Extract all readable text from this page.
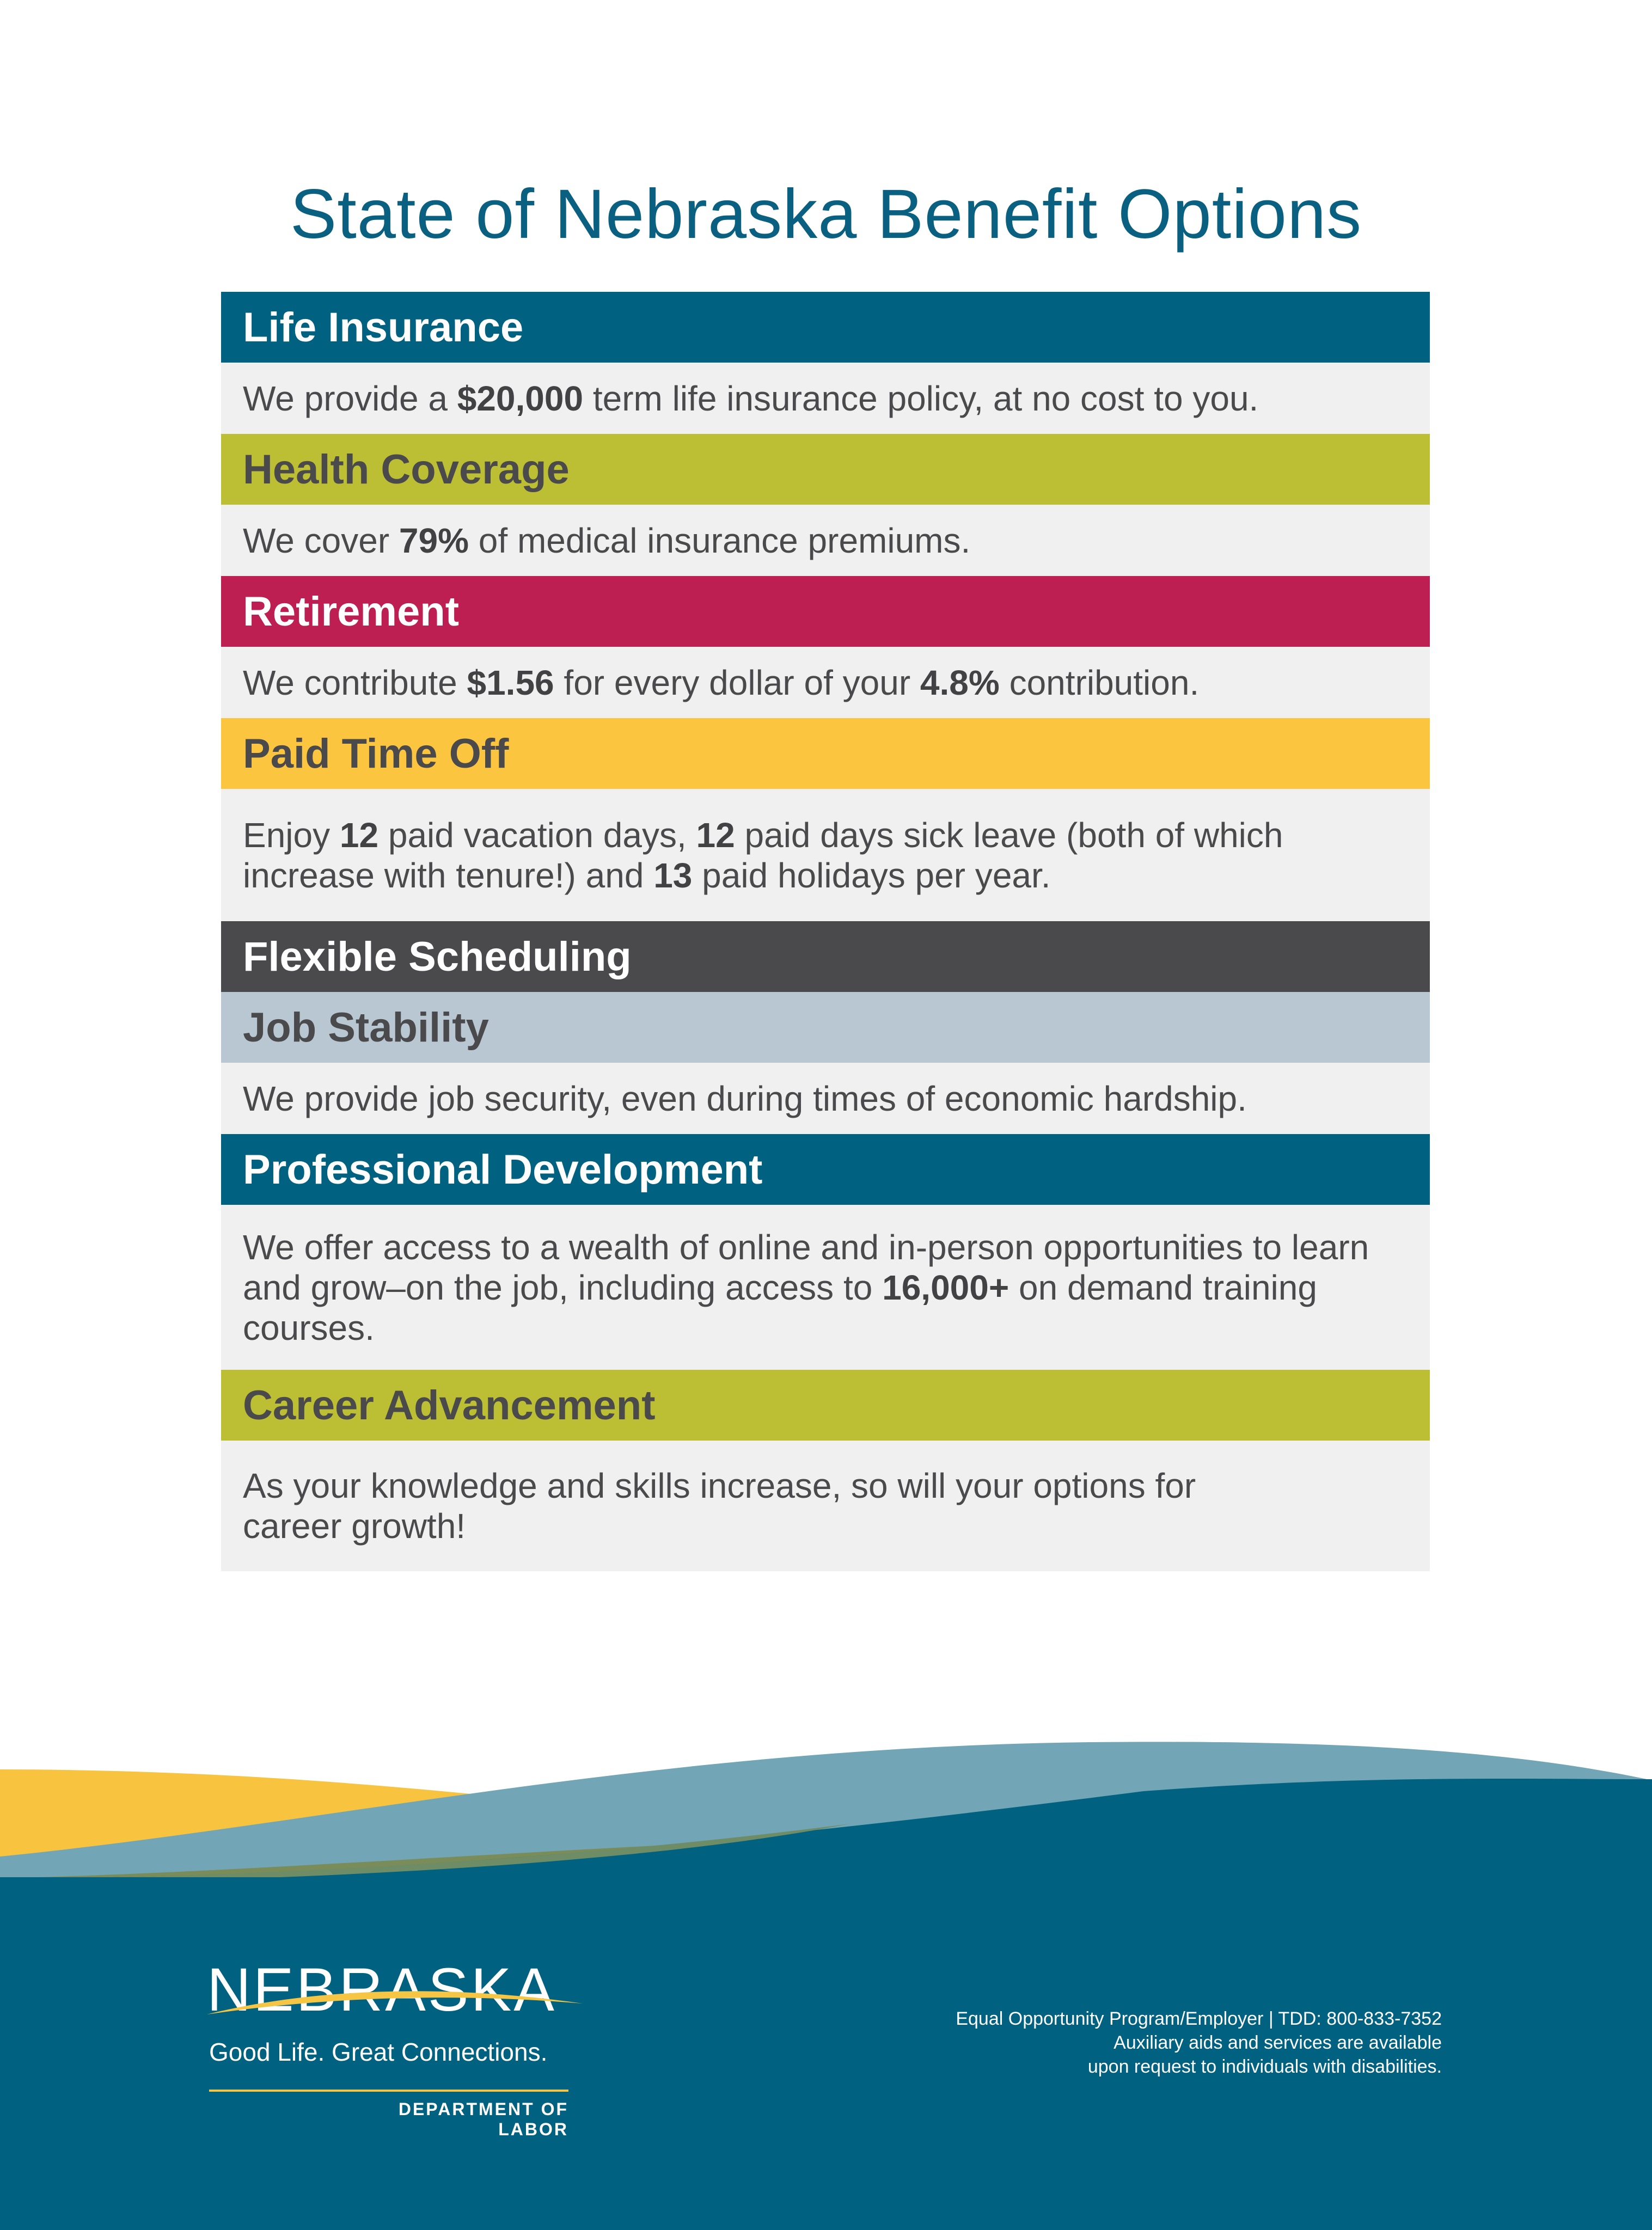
State of Nebraska Benefit Options
Life Insurance

We provide a $20,000 term life insurance policy, at no cost to you.

Health Coverage

We cover 79% of medical insurance premiums.

Retirement

We contribute $1.56 for every dollar of your 4.8% contribution.

Paid Time Off

Enjoy 12 paid vacation days, 12 paid days sick leave (both of which increase with tenure!) and 13 paid holidays per year.

Flexible Scheduling
Job Stability

We provide job security, even during times of economic hardship.

Professional Development

We offer access to a wealth of online and in-person opportunities to learn and grow–on the job, including access to 16,000+ on demand training courses.

Career Advancement

As your knowledge and skills increase, so will your options for career growth!

NEBRASKA
Good Life. Great Connections.
DEPARTMENT OF LABOR
Equal Opportunity Program/Employer | TDD: 800-833-7352
Auxiliary aids and services are available
upon request to individuals with disabilities.
